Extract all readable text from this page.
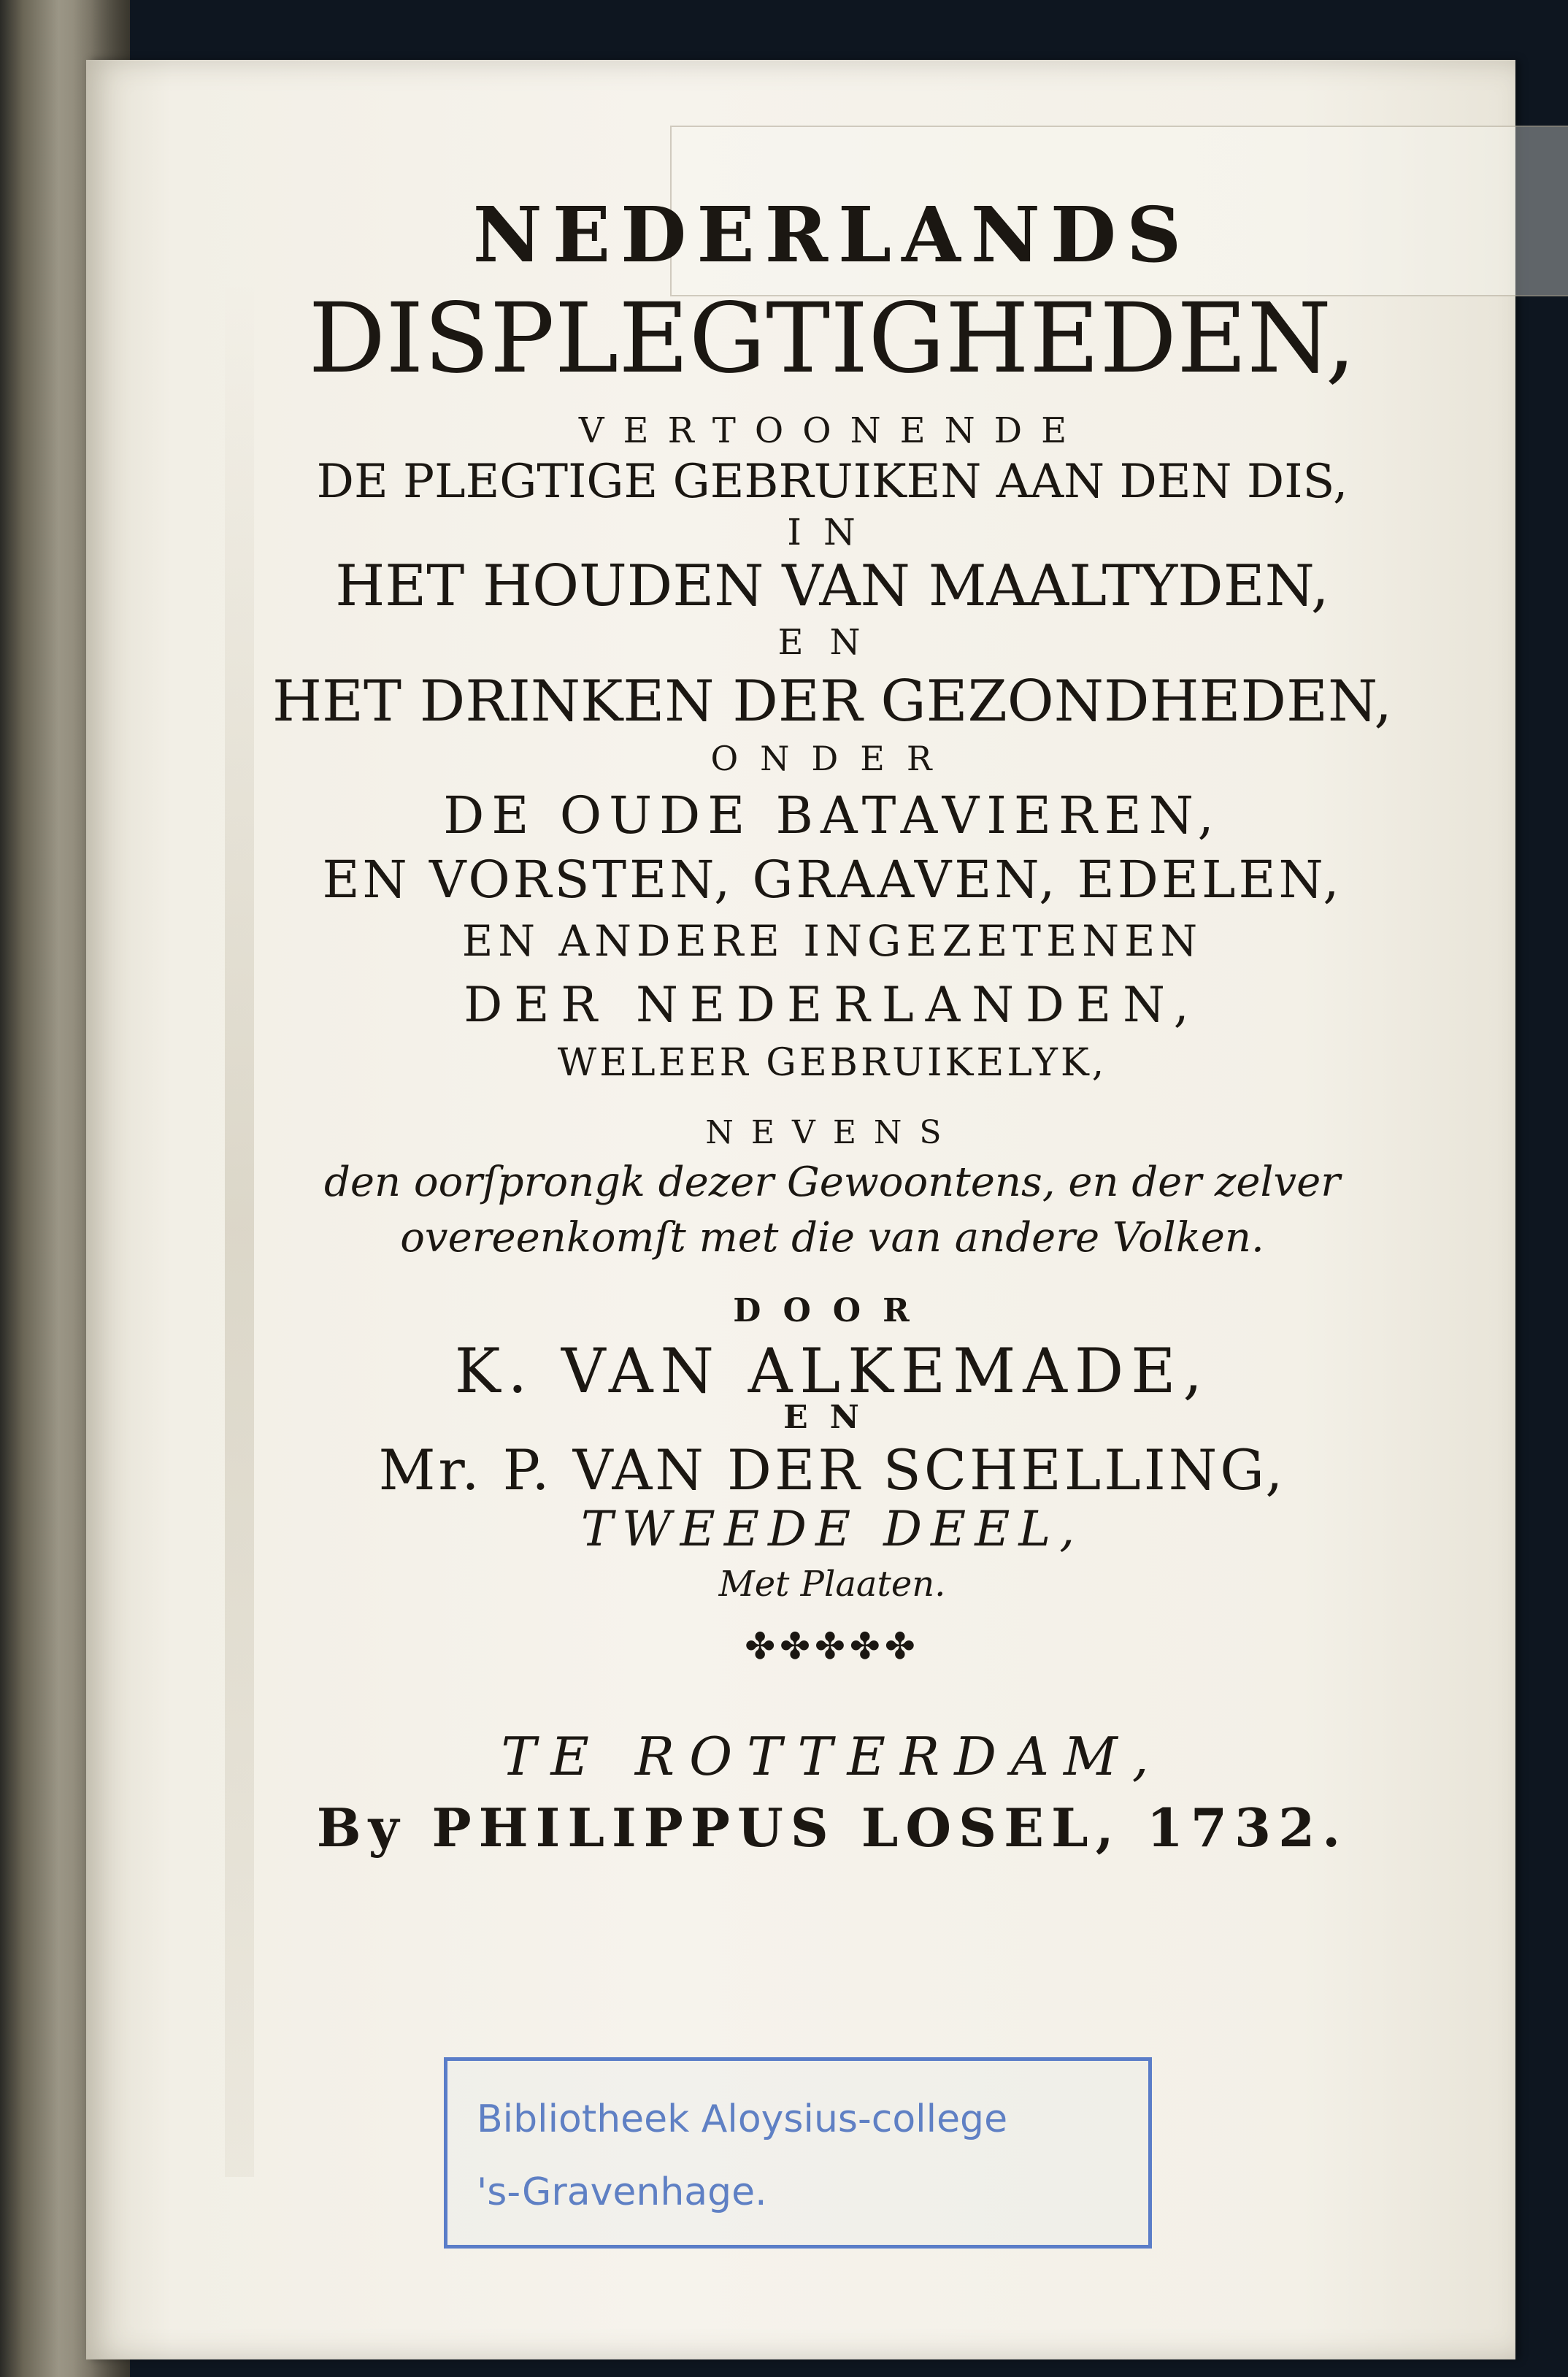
NEDERLANDS
DISPLEGTIGHEDEN,
VERTOONENDE
DE PLEGTIGE GEBRUIKEN AAN DEN DIS,
IN
HET HOUDEN VAN MAALTYDEN,
EN
HET DRINKEN DER GEZONDHEDEN,
ONDER
DE OUDE BATAVIEREN,
EN VORSTEN, GRAAVEN, EDELEN,
EN ANDERE INGEZETENEN
DER NEDERLANDEN,
WELEER GEBRUIKELYK,
NEVENS
den oorſprongk dezer Gewoontens, en der zelver
overeenkomſt met die van andere Volken.
DOOR
K. VAN ALKEMADE,
EN
Mr. P. VAN DER SCHELLING,
TWEEDE DEEL,
Met Plaaten.
✤✤✤✤✤
TE ROTTERDAM,
By PHILIPPUS LOSEL, 1732.
Bibliotheek Aloysius-college
's-Gravenhage.
